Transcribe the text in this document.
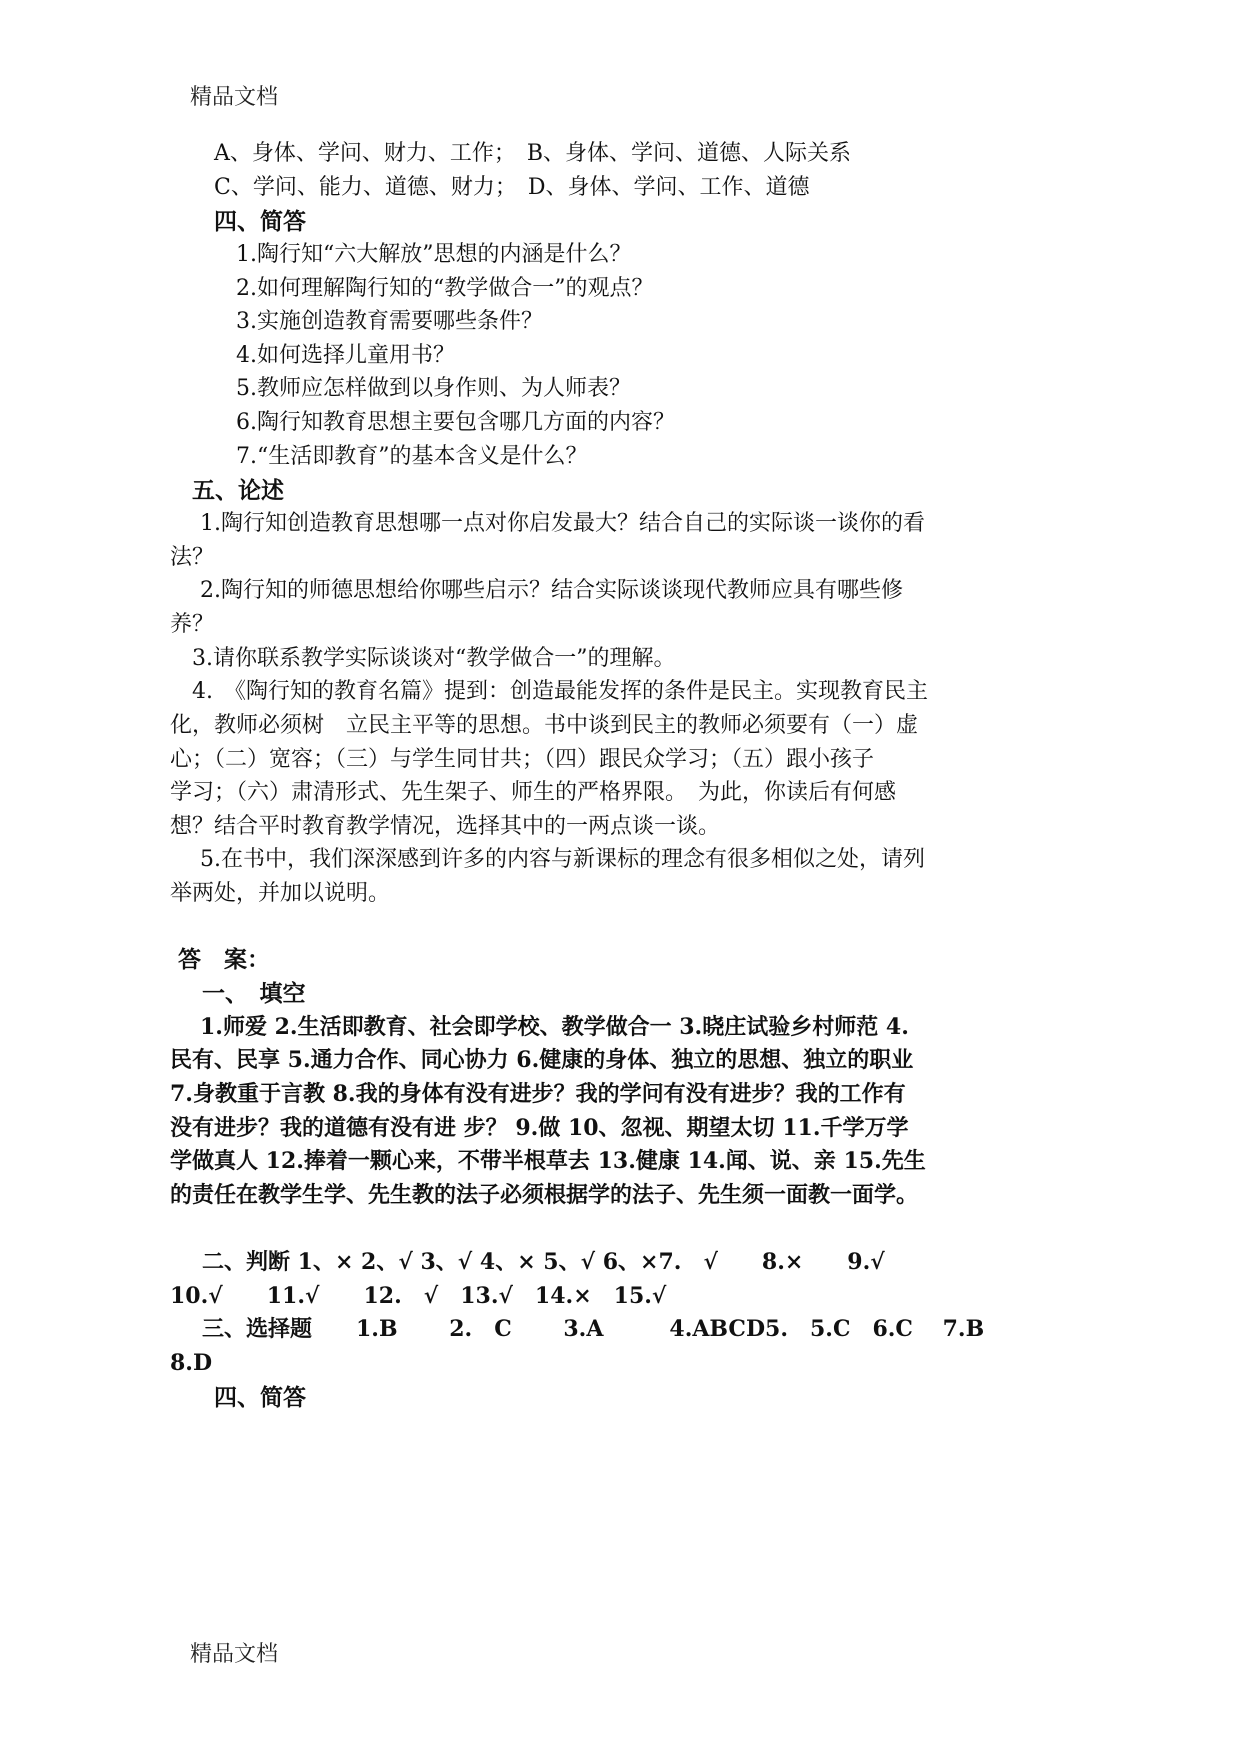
精品文档
A、身体、学问、财力、工作；　B、身体、学问、道德、人际关系
C、学问、能力、道德、财力；　D、身体、学问、工作、道德
四、简答
1.陶行知“六大解放”思想的内涵是什么？
2.如何理解陶行知的“教学做合一”的观点？
3.实施创造教育需要哪些条件？
4.如何选择儿童用书？
5.教师应怎样做到以身作则、为人师表？
6.陶行知教育思想主要包含哪几方面的内容？
7.“生活即教育”的基本含义是什么？
五、论述
1.陶行知创造教育思想哪一点对你启发最大？结合自己的实际谈一谈你的看
法？
2.陶行知的师德思想给你哪些启示？结合实际谈谈现代教师应具有哪些修
养？
3.请你联系教学实际谈谈对“教学做合一”的理解。
4.　《陶行知的教育名篇》提到：创造最能发挥的条件是民主。实现教育民主
化，教师必须树　立民主平等的思想。书中谈到民主的教师必须要有（一）虚
心；（二）宽容；（三）与学生同甘共；（四）跟民众学习；（五）跟小孩子
学习；（六）肃清形式、先生架子、师生的严格界限。　为此，你读后有何感
想？结合平时教育教学情况，选择其中的一两点谈一谈。
5.在书中，我们深深感到许多的内容与新课标的理念有很多相似之处，请列
举两处，并加以说明。
答　案：
一、　填空
1.师爱 2.生活即教育、社会即学校、教学做合一 3.晓庄试验乡村师范 4.
民有、民享 5.通力合作、同心协力 6.健康的身体、独立的思想、独立的职业
7.身教重于言教 8.我的身体有没有进步？我的学问有没有进步？我的工作有
没有进步？我的道德有没有进 步？ 9.做 10、忽视、期望太切 11.千学万学
学做真人 12.捧着一颗心来，不带半根草去 13.健康 14.闻、说、亲 15.先生
的责任在教学生学、先生教的法子必须根据学的法子、先生须一面教一面学。
二、判断 1、× 2、√ 3、√ 4、× 5、√ 6、×7.　√　　8.×　　9.√
10.√　　11.√　　12.　√　13.√　14.×　15.√
三、选择题　　1.B　　 2.　C　　 3.A　　　4.ABCD5.　5.C　6.C　 7.B
8.D
四、简答
精品文档
